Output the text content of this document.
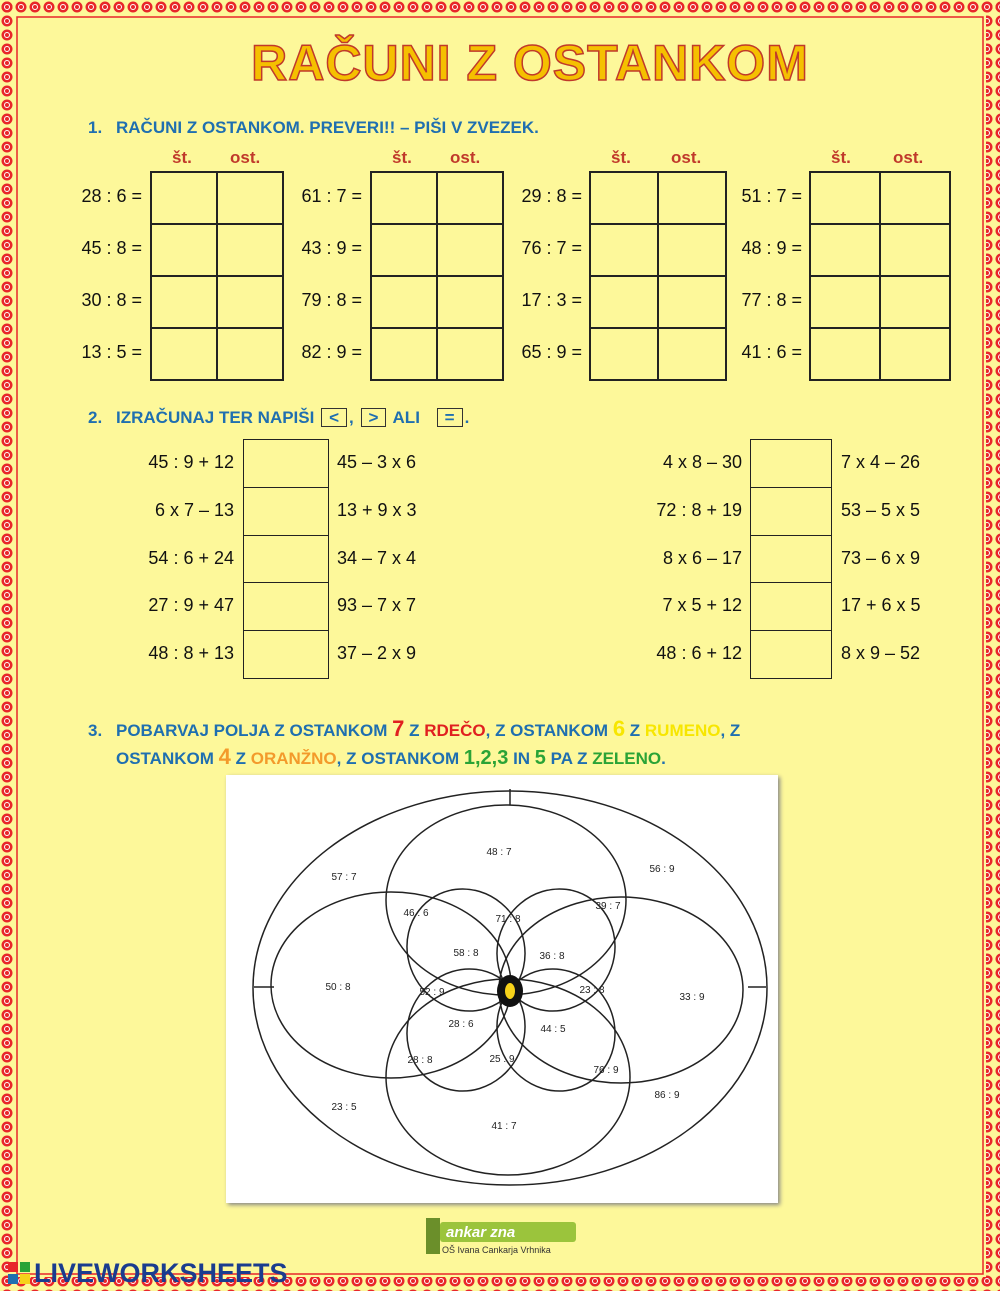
RAČUNI Z OSTANKOM
1. RAČUNI Z OSTANKOM. PREVERI!! – PIŠI V ZVEZEK.
št. ost.
28 : 6 =
45 : 8 =
30 : 8 =
13 : 5 =
št. ost.
61 : 7 =
43 : 9 =
79 : 8 =
82 : 9 =
št. ost.
29 : 8 =
76 : 7 =
17 : 3 =
65 : 9 =
št. ost.
51 : 7 =
48 : 9 =
77 : 8 =
41 : 6 =
2. IZRAČUNAJ TER NAPIŠI < , > ALI = .
45 : 9 + 12	45 – 3 x 6
6 x 7 – 13	13 + 9 x 3
54 : 6 + 24	34 – 7 x 4
27 : 9 + 47	93 – 7 x 7
48 : 8 + 13	37 – 2 x 9
4 x 8 – 30	7 x 4 – 26
72 : 8 + 19	53 – 5 x 5
8 x 6 – 17	73 – 6 x 9
7 x 5 + 12	17 + 6 x 5
48 : 6 + 12	8 x 9 – 52
3. POBARVAJ POLJA Z OSTANKOM 7 Z RDEČO, Z OSTANKOM 6 Z RUMENO, Z
OSTANKOM 4 Z ORANŽNO, Z OSTANKOM 1,2,3 IN 5 PA Z ZELENO.
48 : 7
57 : 7
56 : 9
46 : 6
71 : 8
39 : 7
58 : 8	36 : 8
50 : 8	52 : 9	23 : 8
33 : 9
28 : 6	44 : 5
28 : 8	25 : 9
76 : 9
23 : 5
86 : 9
41 : 7
ankar zna
OŠ Ivana Cankarja Vrhnika
LIVEWORKSHEETS
